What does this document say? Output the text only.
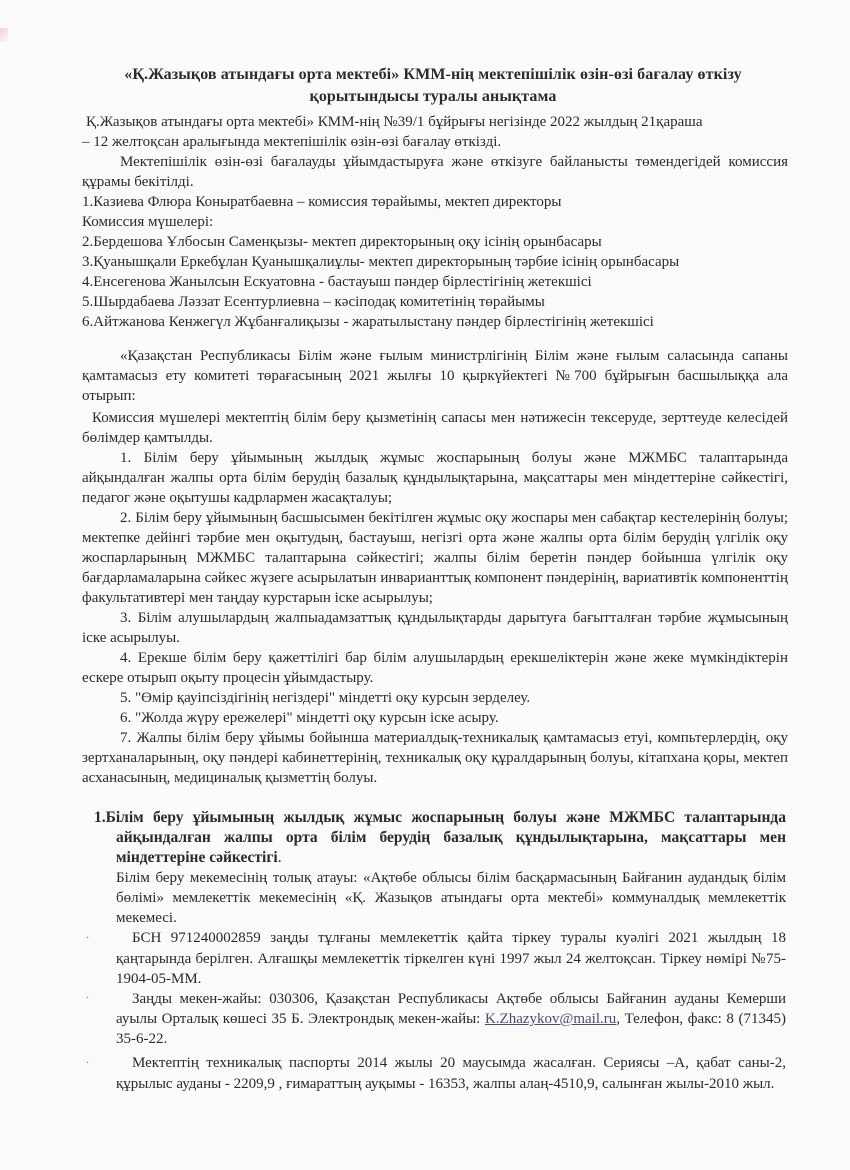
«Қ.Жазықов атындағы орта мектебі» КММ-нің мектепішілік өзін-өзі бағалау өткізу
қорытындысы туралы анықтама

Қ.Жазықов атындағы орта мектебі» КММ-нің №39/1 бұйрығы негізінде 2022 жылдың 21қараша

– 12 желтоқсан аралығында мектепішілік өзін-өзі бағалау өткізді.

Мектепішілік өзін-өзі бағалауды ұйымдастыруға және өткізуге байланысты төмендегідей комиссия құрамы бекітілді.

1.Казиева Флюра Коныратбаевна – комиссия төрайымы, мектеп директоры

Комиссия мүшелері:

2.Бердешова Ұлбосын Саменқызы- мектеп директорының оқу ісінің орынбасары

3.Қуанышқали Еркебұлан Қуанышқалиұлы- мектеп директорының тәрбие ісінің орынбасары

4.Енсегенова Жанылсын Ескуатовна - бастауыш пәндер бірлестігінің жетекшісі

5.Шырдабаева Ләззат Есентурлиевна – кәсіподақ комитетінің төрайымы

6.Айтжанова Кенжегүл Жұбанғалиқызы - жаратылыстану пәндер бірлестігінің жетекшісі

«Қазақстан Республикасы Білім және ғылым министрлігінің Білім және ғылым саласында сапаны қамтамасыз ету комитеті төрағасының 2021 жылғы 10 қыркүйектегі №700 бұйрығын басшылыққа ала отырып:

Комиссия мүшелері мектептің білім беру қызметінің сапасы мен нәтижесін тексеруде, зерттеуде келесідей бөлімдер қамтылды.

1. Білім беру ұйымының жылдық жұмыс жоспарының болуы және МЖМБС талаптарында айқындалған жалпы орта білім берудің базалық құндылықтарына, мақсаттары мен міндеттеріне сәйкестігі, педагог және оқытушы кадрлармен жасақталуы;

2. Білім беру ұйымының басшысымен бекітілген жұмыс оқу жоспары мен сабақтар кестелерінің болуы; мектепке дейінгі тәрбие мен оқытудың, бастауыш, негізгі орта және жалпы орта білім берудің үлгілік оқу жоспарларының МЖМБС талаптарына сәйкестігі; жалпы білім беретін пәндер бойынша үлгілік оқу бағдарламаларына сәйкес жүзеге асырылатын инварианттық компонент пәндерінің, вариативтік компоненттің факультативтері мен таңдау курстарын іске асырылуы;

3. Білім алушылардың жалпыадамзаттық құндылықтарды дарытуға бағытталған тәрбие жұмысының іске асырылуы.

4. Ерекше білім беру қажеттілігі бар білім алушылардың ерекшеліктерін және жеке мүмкіндіктерін ескере отырып оқыту процесін ұйымдастыру.

5. "Өмір қауіпсіздігінің негіздері" міндетті оқу курсын зерделеу.

6. "Жолда жүру ережелері" міндетті оқу курсын іске асыру.

7. Жалпы білім беру ұйымы бойынша материалдық-техникалық қамтамасыз етуі, компьтерлердің, оқу зертханаларының, оқу пәндері кабинеттерінің, техникалық оқу құралдарының болуы, кітапхана қоры, мектеп асханасының, медициналық қызметтің болуы.

1.Білім беру ұйымының жылдық жұмыс жоспарының болуы және МЖМБС талаптарында айқындалған жалпы орта білім берудің базалық құндылықтарына, мақсаттары мен міндеттеріне сәйкестігі.

Білім беру мекемесінің толық атауы: «Ақтөбе облысы білім басқармасының Байғанин аудандық білім бөлімі» мемлекеттік мекемесінің «Қ. Жазықов атындағы орта мектебі» коммуналдық мемлекеттік мекемесі.

·	БСН 971240002859 заңды тұлғаны мемлекеттік қайта тіркеу туралы куәлігі 2021 жылдың 18 қаңтарында берілген. Алғашқы мемлекеттік тіркелген күні 1997 жыл 24 желтоқсан. Тіркеу нөмірі №75-1904-05-ММ.

·	Заңды мекен-жайы: 030306, Қазақстан Республикасы Ақтөбе облысы Байғанин ауданы Кемерши ауылы Орталық көшесі 35 Б. Электрондық мекен-жайы: K.Zhazykov@mail.ru, Телефон, факс: 8 (71345) 35-6-22.

·	Мектептің техникалық паспорты 2014 жылы 20 маусымда жасалған. Сериясы –А, қабат саны-2, құрылыс ауданы - 2209,9 , ғимараттың ауқымы - 16353, жалпы алаң-4510,9, салынған жылы-2010 жыл.
